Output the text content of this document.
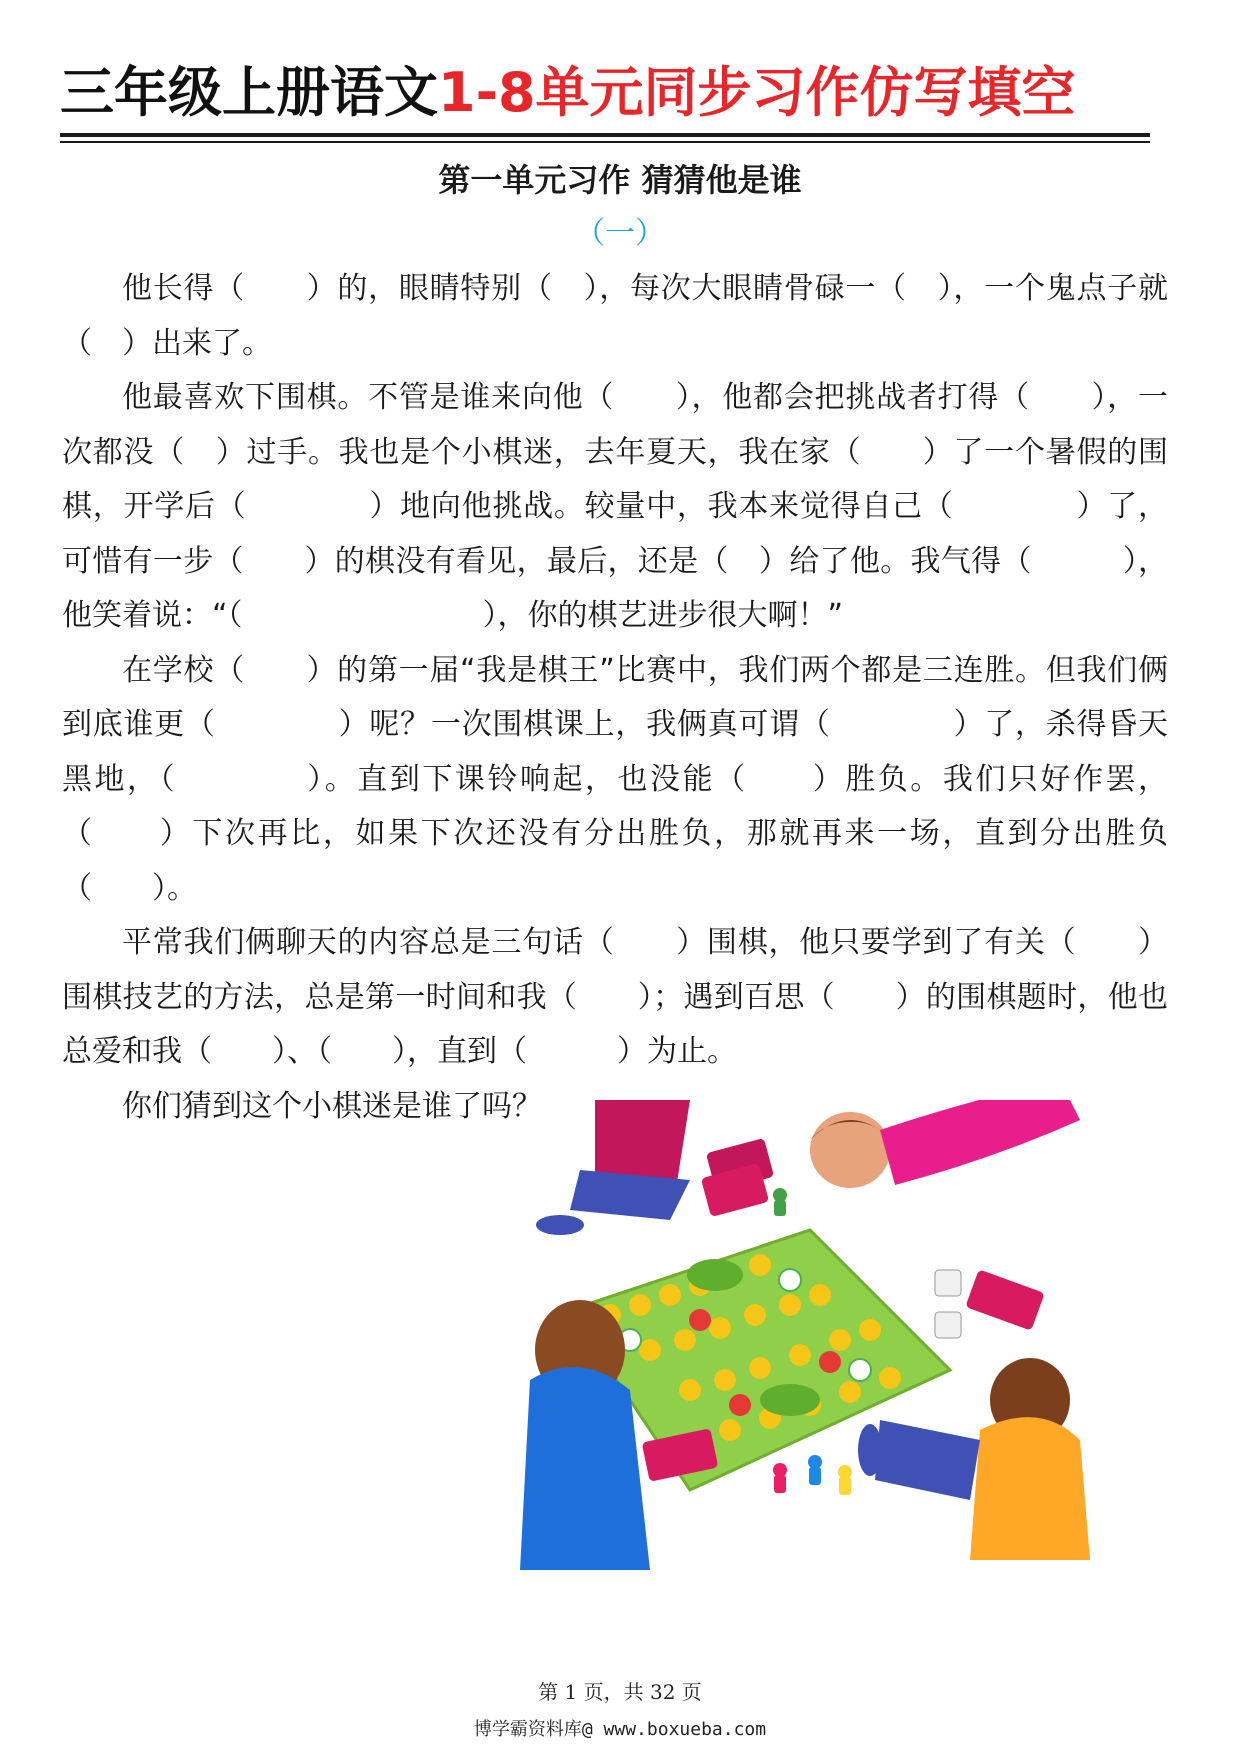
三年级上册语文1-8单元同步习作仿写填空
第一单元习作 猜猜他是谁
（一）

他长得（　　）的，眼睛特别（　），每次大眼睛骨碌一（　），一个鬼点子就（　）出来了。

他最喜欢下围棋。不管是谁来向他（　　），他都会把挑战者打得（　　），一次都没（　）过手。我也是个小棋迷，去年夏天，我在家（　　）了一个暑假的围棋，开学后（　　　　）地向他挑战。较量中，我本来觉得自己（　　　　）了，可惜有一步（　　）的棋没有看见，最后，还是（　）给了他。我气得（　　　），他笑着说：“（　　　　　　　　），你的棋艺进步很大啊！”

在学校（　　）的第一届“我是棋王”比赛中，我们两个都是三连胜。但我们俩到底谁更（　　　　）呢？一次围棋课上，我俩真可谓（　　　　）了，杀得昏天黑地，（　　　　）。直到下课铃响起，也没能（　　）胜负。我们只好作罢，（　　）下次再比，如果下次还没有分出胜负，那就再来一场，直到分出胜负（　　）。

平常我们俩聊天的内容总是三句话（　　）围棋，他只要学到了有关（　　）围棋技艺的方法，总是第一时间和我（　　）；遇到百思（　　）的围棋题时，他也总爱和我（　　）、（　　），直到（　　　）为止。

你们猜到这个小棋迷是谁了吗？

第 1 页，共 32 页
博学霸资料库@ www.boxueba.com
